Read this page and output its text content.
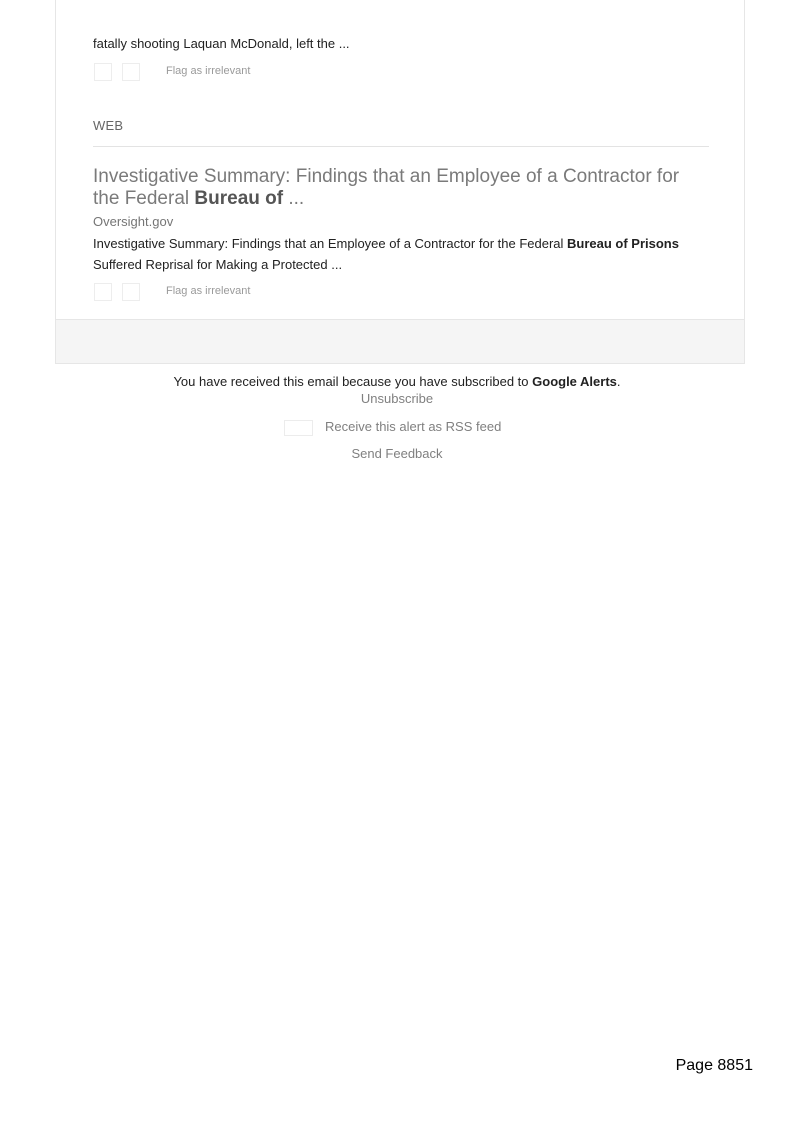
fatally shooting Laquan McDonald, left the ...
Flag as irrelevant
WEB
Investigative Summary: Findings that an Employee of a Contractor for the Federal Bureau of ...
Oversight.gov
Investigative Summary: Findings that an Employee of a Contractor for the Federal Bureau of Prisons Suffered Reprisal for Making a Protected ...
Flag as irrelevant
You have received this email because you have subscribed to Google Alerts.
Unsubscribe
Receive this alert as RSS feed
Send Feedback
Page 8851
